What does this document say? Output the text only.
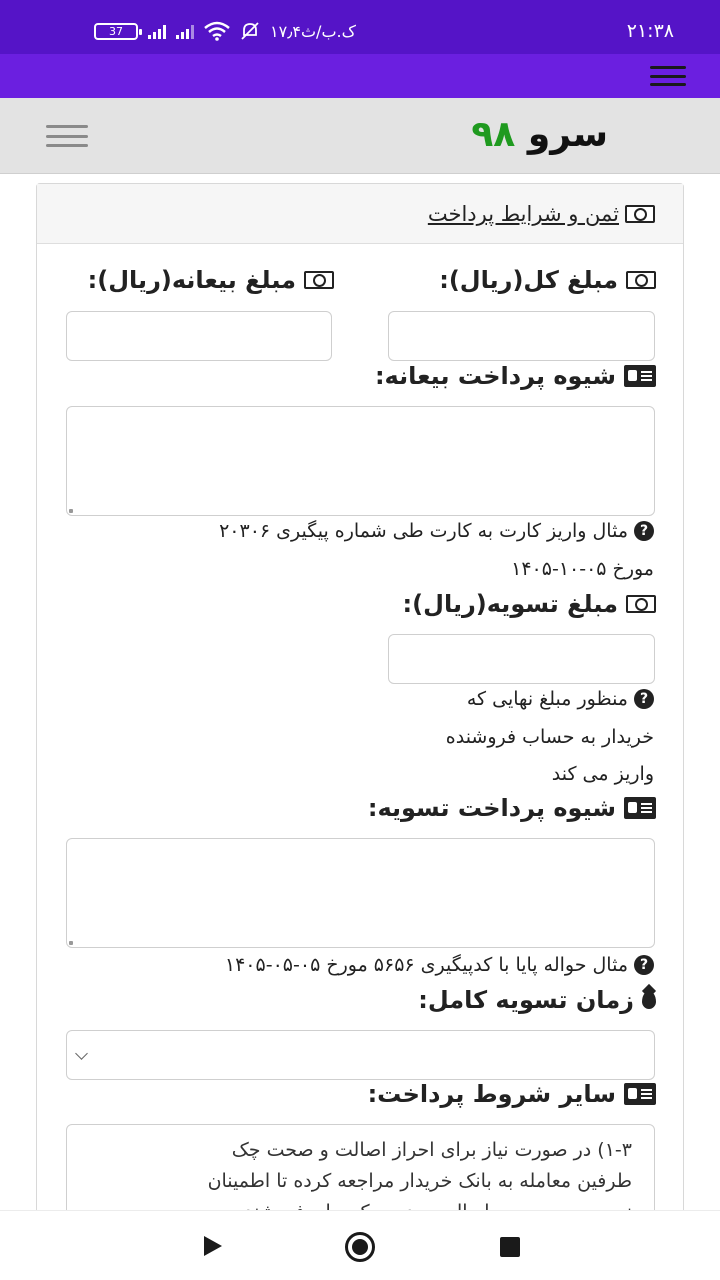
۲۱:۳۸
37	۱۷٫۴ک.ب/ث
سرو ۹۸
ثمن و شرایط پرداخت
مبلغ کل(ریال):
مبلغ بیعانه(ریال):
شیوه پرداخت بیعانه:
?
مثال واریز کارت به کارت طی شماره پیگیری ۲۰۳۰۶
مورخ ۰۵-۱۰-۱۴۰۵
مبلغ تسویه(ریال):
?
منظور مبلغ نهایی که
خریدار به حساب فروشنده
واریز می کند
شیوه پرداخت تسویه:
?
مثال حواله پایا با کدپیگیری ۵۶۵۶ مورخ ۰۵-۰۵-۱۴۰۵
زمان تسویه کامل:
سایر شروط پرداخت:
۱-۳) در صورت نیاز برای احراز اصالت و صحت چک
طرفین معامله به بانک خریدار مراجعه کرده تا اطمینان
